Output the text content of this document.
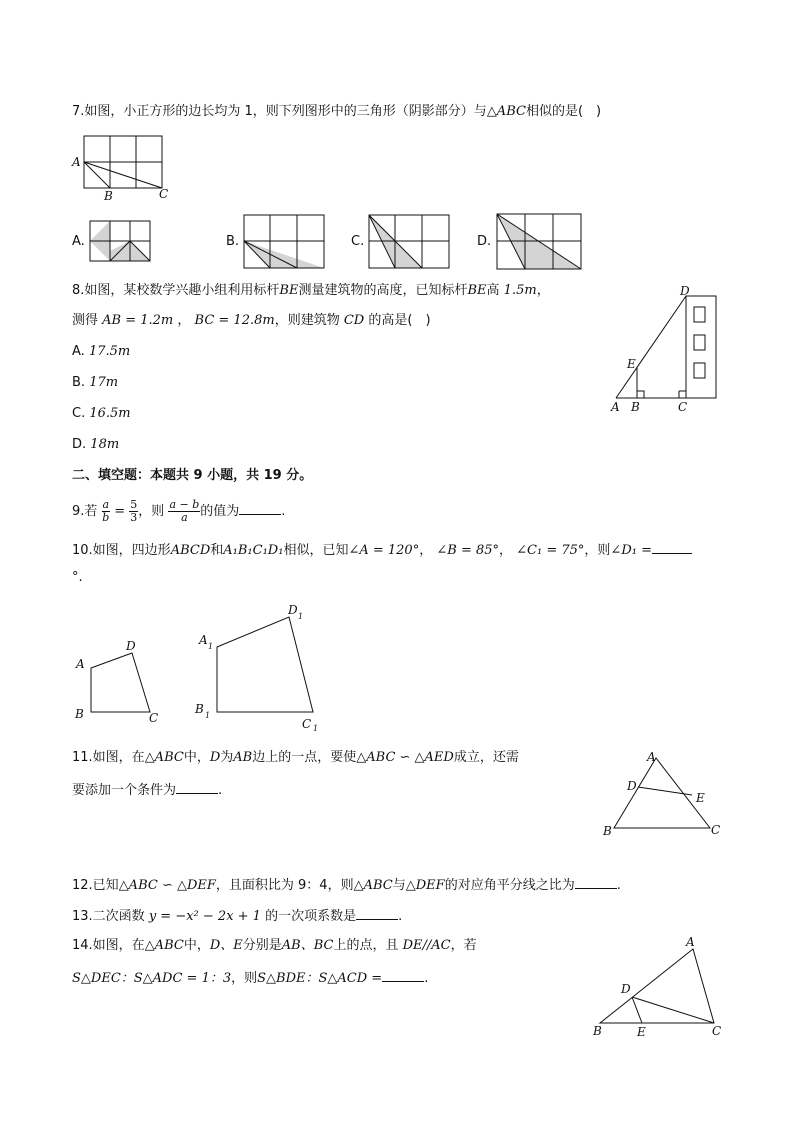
7.如图，小正方形的边长均为 1，则下列图形中的三角形（阴影部分）与△ABC相似的是(　)
A
B	C
A.	B.	C.	D.
8.如图，某校数学兴趣小组利用标杆BE测量建筑物的高度，已知标杆BE高 1.5m，
测得 AB = 1.2m ， BC = 12.8m，则建筑物 CD 的高是(　)
A. 17.5m
B. 17m
C. 16.5m
D. 18m
D
E
A B	C
二、填空题：本题共 9 小题，共 19 分。
9.若 $\frac{a}{b} = \frac{5}{3}$ ，则 $\frac{a - b}{a}$ 的值为	.
10.如图，四边形ABCD和A₁B₁C₁D₁相似，已知∠A = 120°， ∠B = 85°， ∠C₁ = 75°，则∠D₁ =
°.
A
D
B	C
A 1
D 1
B 1
C 1
11.如图，在△ABC中，D为AB边上的一点，要使△ABC ∽ △AED成立，还需
要添加一个条件为	.
A
D
E
B	C
12.已知△ABC ∽ △DEF，且面积比为 9：4，则△ABC与△DEF的对应角平分线之比为	.
13.二次函数 y = −x² − 2x + 1 的一次项系数是	.
14.如图，在△ABC中，D、E分别是AB、BC上的点，且 DE//AC，若
S△DEC：S△ADC = 1：3，则S△BDE：S△ACD =	.
A
D
B	E	C
